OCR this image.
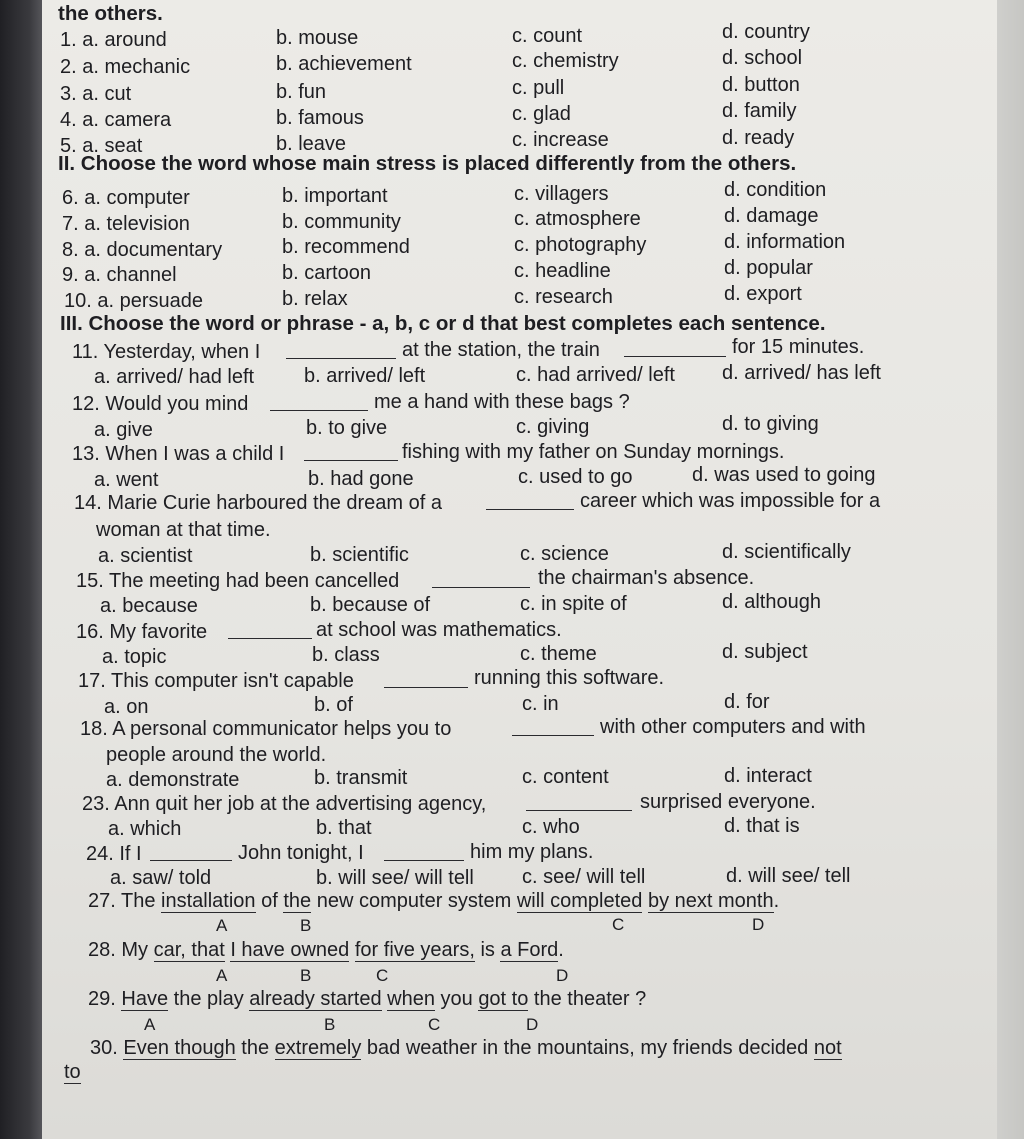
the others.
1. a. around	b. mouse	c. count	d. country
2. a. mechanic	b. achievement	c. chemistry	d. school
3. a. cut	b. fun	c. pull	d. button
4. a. camera	b. famous	c. glad	d. family
5. a. seat	b. leave	c. increase	d. ready
II. Choose the word whose main stress is placed differently from the others.
6. a. computer	b. important	c. villagers	d. condition
7. a. television	b. community	c. atmosphere	d. damage
8. a. documentary	b. recommend	c. photography	d. information
9. a. channel	b. cartoon	c. headline	d. popular
10. a. persuade	b. relax	c. research	d. export
III. Choose the word or phrase - a, b, c or d that best completes each sentence.
11. Yesterday, when I	at the station, the train	for 15 minutes.
a. arrived/ had left b. arrived/ left	c. had arrived/ left d. arrived/ has left
12. Would you mind	me a hand with these bags ?
a. give	b. to give	c. giving	d. to giving
13. When I was a child I	fishing with my father on Sunday mornings.
a. went	b. had gone	c. used to go	d. was used to going
14. Marie Curie harboured the dream of a	career which was impossible for a
woman at that time.
a. scientist	b. scientific	c. science	d. scientifically
15. The meeting had been cancelled	the chairman's absence.
a. because	b. because of	c. in spite of	d. although
16. My favorite	at school was mathematics.
a. topic	b. class	c. theme	d. subject
17. This computer isn't capable	running this software.
a. on	b. of	c. in	d. for
18. A personal communicator helps you to	with other computers and with
people around the world.
a. demonstrate	b. transmit	c. content	d. interact
23. Ann quit her job at the advertising agency,	surprised everyone.
a. which	b. that	c. who	d. that is
24. If I	John tonight, I	him my plans.
a. saw/ told	b. will see/ will tell c. see/ will tell	d. will see/ tell
27. The installation of the new computer system will completed by next month.
A	B	C	D
28. My car, that I have owned for five years, is a Ford.
A	B	C	D
29. Have the play already started when you got to the theater ?
A	B	C	D
30. Even though the extremely bad weather in the mountains, my friends decided not
to
